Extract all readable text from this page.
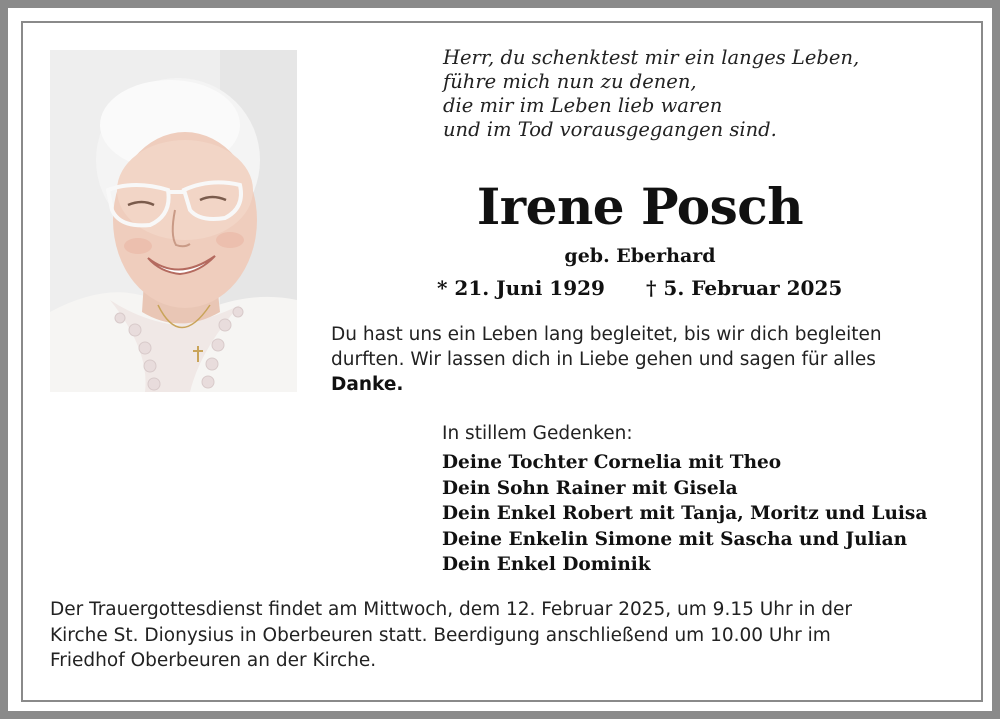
Herr, du schenktest mir ein langes Leben,
führe mich nun zu denen,
die mir im Leben lieb waren
und im Tod vorausgegangen sind.
Irene Posch
geb. Eberhard
* 21. Juni 1929 † 5. Februar 2025
Du hast uns ein Leben lang begleitet, bis wir dich begleiten
durften. Wir lassen dich in Liebe gehen und sagen für alles
Danke.
In stillem Gedenken:
Deine Tochter Cornelia mit Theo
Dein Sohn Rainer mit Gisela
Dein Enkel Robert mit Tanja, Moritz und Luisa
Deine Enkelin Simone mit Sascha und Julian
Dein Enkel Dominik
Der Trauergottesdienst findet am Mittwoch, dem 12. Februar 2025, um 9.15 Uhr in der
Kirche St. Dionysius in Oberbeuren statt. Beerdigung anschließend um 10.00 Uhr im
Friedhof Oberbeuren an der Kirche.
